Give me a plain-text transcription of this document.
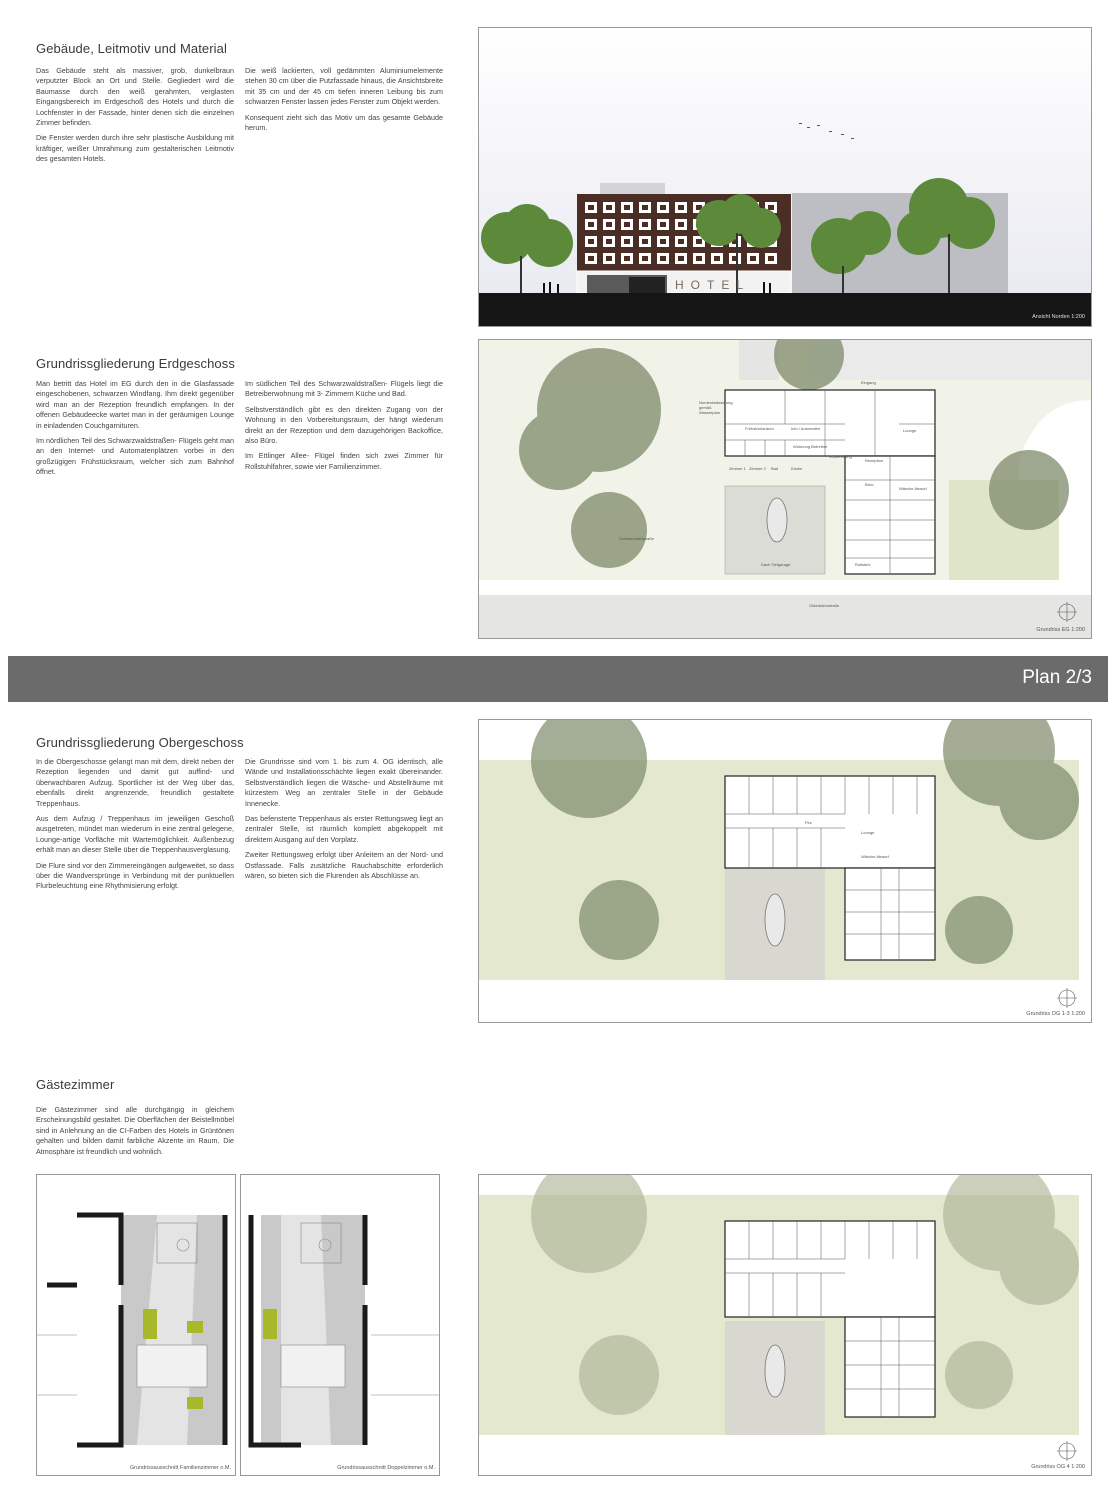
Gebäude, Leitmotiv und Material

Das Gebäude steht als massiver, grob, dunkelbraun verputzter Block an Ort und Stelle. Gegliedert wird die Baumasse durch den weiß gerahmten, verglasten Eingangsbereich im Erdgeschoß des Hotels und durch die Lochfenster in der Fassade, hinter denen sich die einzelnen Zimmer befinden.

Die Fenster werden durch ihre sehr plastische Ausbildung mit kräftiger, weißer Umrahmung zum gestalterischen Leitmotiv des gesamten Hotels.

Die weiß lackierten, voll gedämmten Aluminiumelemente stehen 30 cm über die Putzfassade hinaus, die Ansichtsbreite mit 35 cm und der 45 cm tiefen inneren Leibung bis zum schwarzen Fenster lassen jedes Fenster zum Objekt werden.

Konsequent zieht sich das Motiv um das gesamte Gebäude herum.

HOTEL
Ansicht Norden 1:200
Grundrissgliederung Erdgeschoss

Man betritt das Hotel im EG durch den in die Glasfassade eingeschobenen, schwarzen Windfang. Ihm direkt gegenüber wird man an der Rezeption freundlich empfangen. In der offenen Gebäudeecke wartet man in der geräumigen Lounge in einladenden Couchgarnituren.

Im nördlichen Teil des Schwarzwaldstraßen- Flügels geht man an den Internet- und Automatenplätzen vorbei in den großzügigen Frühstücksraum, welcher sich zum Bahnhof öffnet.

Im südlichen Teil des Schwarzwaldstraßen- Flügels liegt die Betreiberwohnung mit 3- Zimmern Küche und Bad.

Selbstverständlich gibt es den direkten Zugang von der Wohnung in den Vorbereitungsraum, der hängt wiederum direkt an der Rezeption und dem dazugehörigen Backoffice, also Büro.

Im Ettlinger Allee- Flügel finden sich zwei Zimmer für Rollstuhlfahrer, sowie vier Familienzimmer.

Eingang
Frühstücksraum	Info / Automaten	Lounge
Rezeption
Vorbereitung
Wohnung Betreiber
Zimmer 1 Zimmer 2 Bad	Küche
Büro
Wäsche Abwurf
Rollstuhl
Dach Tiefgarage
Güterbahnstraße
Schwarzwaldstraße
Nordentwässerung gemäß Wasserplan
Grundriss EG 1:200
Plan 2/3
Grundrissgliederung Obergeschoss

In die Obergeschosse gelangt man mit dem, direkt neben der Rezeption liegenden und damit gut auffind- und überwachbaren Aufzug. Sportlicher ist der Weg über das, ebenfalls direkt angrenzende, freundlich gestaltete Treppenhaus.

Aus dem Aufzug / Treppenhaus im jeweiligen Geschoß ausgetreten, mündet man wiederum in eine zentral gelegene, Lounge-artige Vorfläche mit Wartemöglichkeit. Außenbezug erhält man an dieser Stelle über die Treppenhausverglasung.

Die Flure sind vor den Zimmereingängen aufgeweitet, so dass über die Wandversprünge in Verbindung mit der punktuellen Flurbeleuchtung eine Rhythmisierung erfolgt.

Die Grundrisse sind vom 1. bis zum 4. OG identisch, alle Wände und Installationsschächte liegen exakt übereinander. Selbstverständlich liegen die Wäsche- und Abstellräume mit kürzestem Weg an zentraler Stelle in der Gebäude Innenecke.

Das befensterte Treppenhaus als erster Rettungsweg liegt an zentraler Stelle, ist räumlich komplett abgekoppelt mit direktem Ausgang auf den Vorplatz.

Zweiter Rettungsweg erfolgt über Anleitern an der Nord- und Ostfassade. Falls zusätzliche Rauchabschitte erforderlich wären, so bieten sich die Flurenden als Abschlüsse an.

Flur
Lounge
Wäsche Abwurf
Grundriss OG 1-3 1:200
Gästezimmer

Die Gästezimmer sind alle durchgängig in gleichem Erscheinungsbild gestaltet. Die Oberflächen der Beistellmöbel sind in Anlehnung an die CI-Farben des Hotels in Grüntönen gehalten und bilden damit farbliche Akzente im Raum. Die Atmosphäre ist freundlich und wohnlich.

Grundrissausschnitt Familienzimmer o.M.	Grundrissausschnitt Doppelzimmer o.M.	Grundriss OG 4 1:200
